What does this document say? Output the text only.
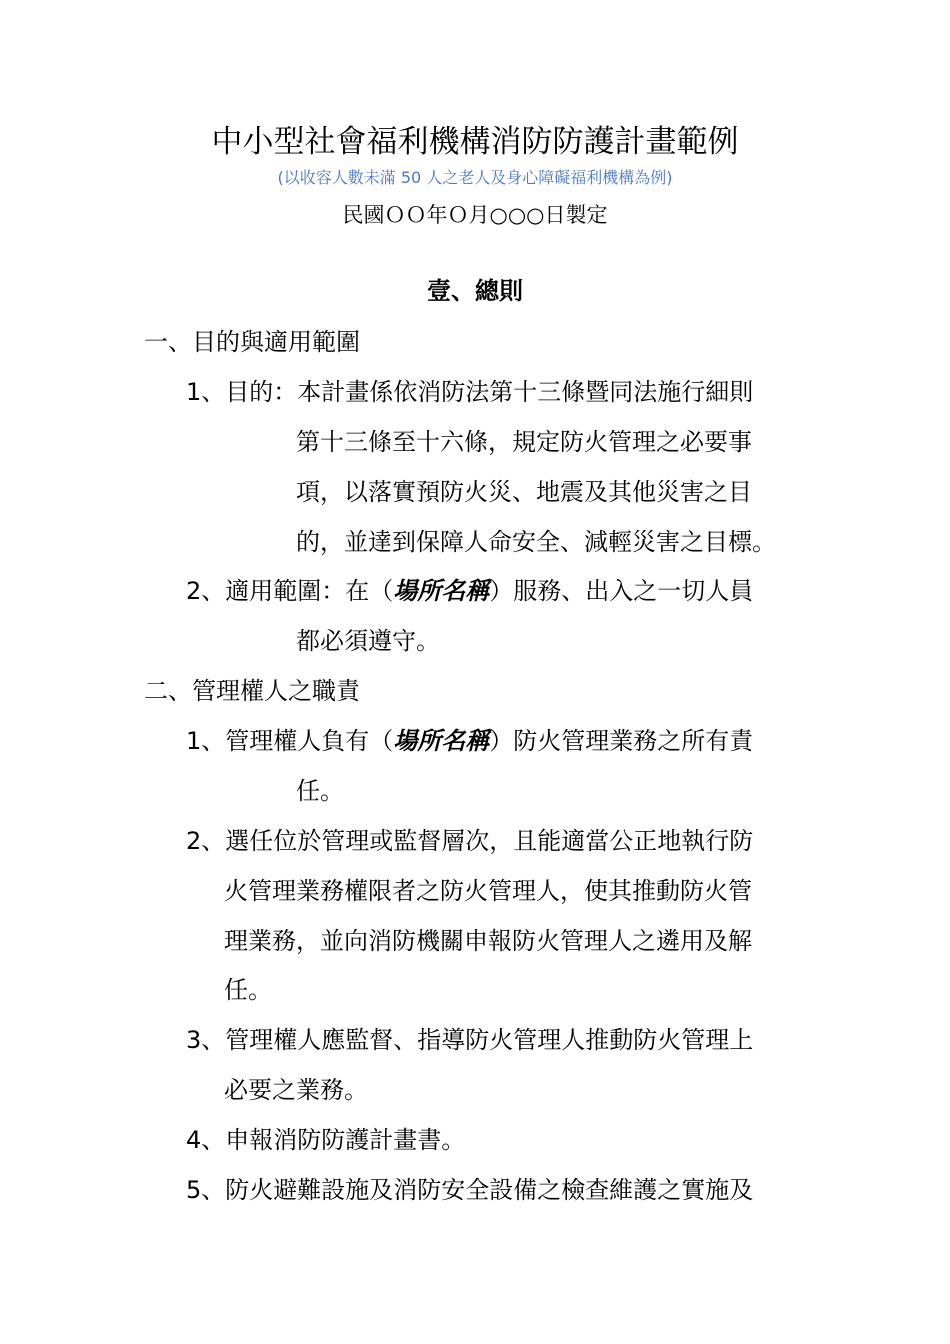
中小型社會福利機構消防防護計畫範例
(以收容人數未滿 50 人之老人及身心障礙福利機構為例)
民國ＯＯ年Ｏ月○○○日製定
壹、總則
一、目的與適用範圍
1、目的：本計畫係依消防法第十三條暨同法施行細則
第十三條至十六條，規定防火管理之必要事
項，以落實預防火災、地震及其他災害之目
的，並達到保障人命安全、減輕災害之目標。
2、適用範圍：在（場所名稱）服務、出入之一切人員
都必須遵守。
二、管理權人之職責
1、管理權人負有（場所名稱）防火管理業務之所有責
任。
2、選任位於管理或監督層次，且能適當公正地執行防
火管理業務權限者之防火管理人，使其推動防火管
理業務，並向消防機關申報防火管理人之遴用及解
任。
3、管理權人應監督、指導防火管理人推動防火管理上
必要之業務。
4、申報消防防護計畫書。
5、防火避難設施及消防安全設備之檢查維護之實施及
